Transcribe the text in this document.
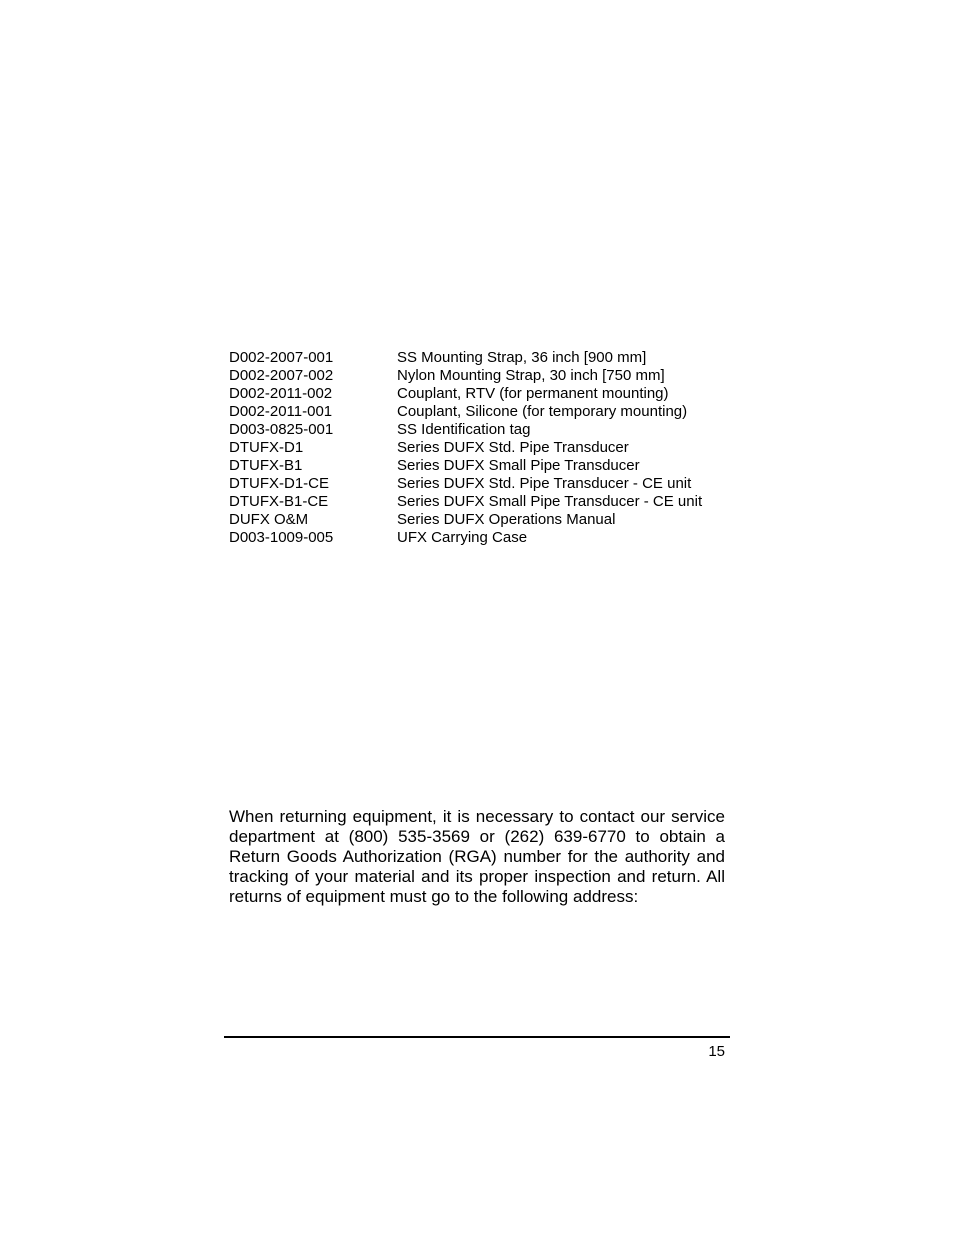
D002-2007-001	SS Mounting Strap, 36 inch [900 mm]
D002-2007-002	Nylon Mounting Strap, 30 inch [750 mm]
D002-2011-002	Couplant, RTV (for permanent mounting)
D002-2011-001	Couplant, Silicone (for temporary mounting)
D003-0825-001	SS Identification tag
DTUFX-D1	Series DUFX Std. Pipe Transducer
DTUFX-B1	Series DUFX Small Pipe Transducer
DTUFX-D1-CE	Series DUFX Std. Pipe Transducer - CE unit
DTUFX-B1-CE	Series DUFX Small Pipe Transducer - CE unit
DUFX O&M	Series DUFX Operations Manual
D003-1009-005	UFX Carrying Case

When returning equipment, it is necessary to contact our service department at (800) 535-3569 or (262) 639-6770 to obtain a Return Goods Authorization (RGA) number for the authority and tracking of your material and its proper inspection and return. All returns of equipment must go to the following address:

15
